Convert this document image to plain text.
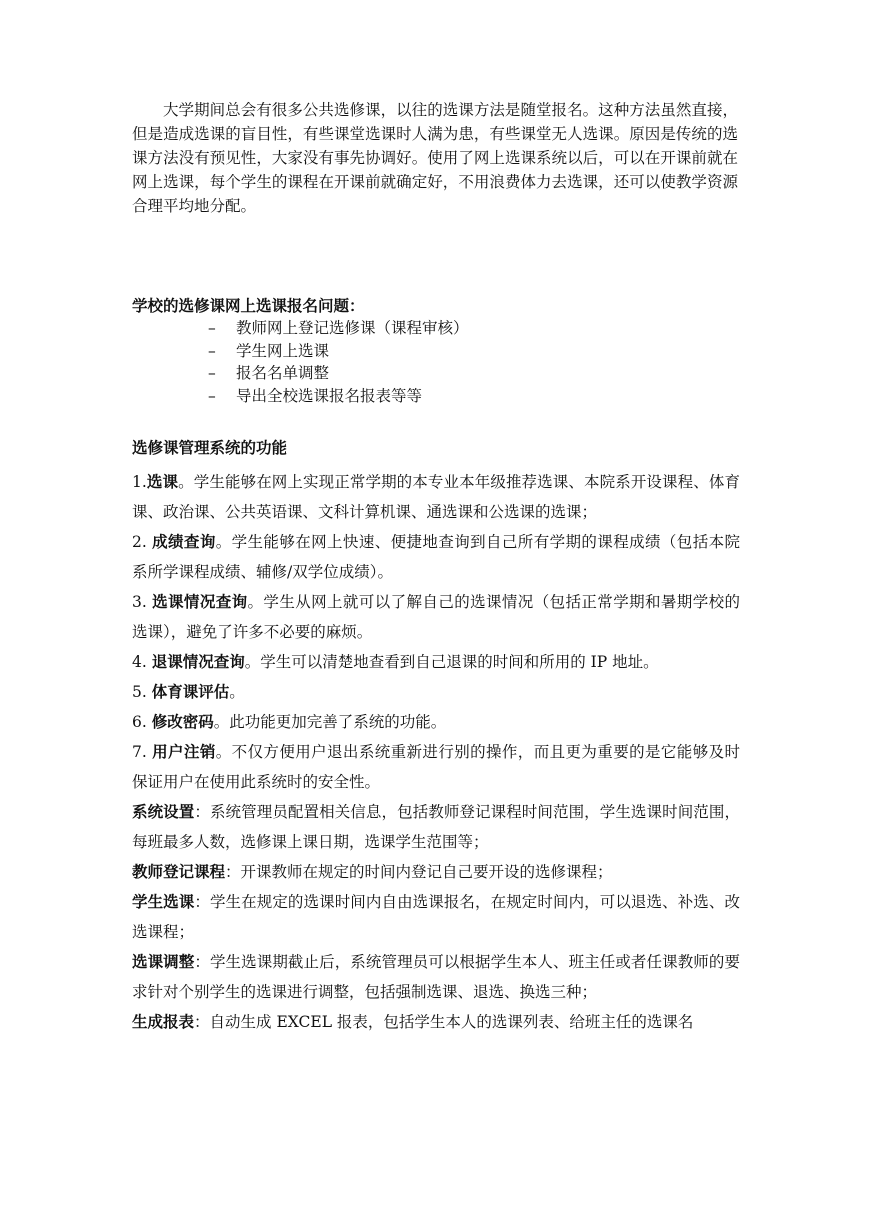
大学期间总会有很多公共选修课，以往的选课方法是随堂报名。这种方法虽然直接，但是造成选课的盲目性，有些课堂选课时人满为患，有些课堂无人选课。原因是传统的选课方法没有预见性，大家没有事先协调好。使用了网上选课系统以后，可以在开课前就在网上选课，每个学生的课程在开课前就确定好，不用浪费体力去选课，还可以使教学资源合理平均地分配。

学校的选修课网上选课报名问题：

– 教师网上登记选修课（课程审核）
– 学生网上选课
– 报名名单调整
– 导出全校选课报名报表等等

选修课管理系统的功能

1.选课。学生能够在网上实现正常学期的本专业本年级推荐选课、本院系开设课程、体育课、政治课、公共英语课、文科计算机课、通选课和公选课的选课；
2. 成绩查询。学生能够在网上快速、便捷地查询到自己所有学期的课程成绩（包括本院系所学课程成绩、辅修/双学位成绩）。
3. 选课情况查询。学生从网上就可以了解自己的选课情况（包括正常学期和暑期学校的选课），避免了许多不必要的麻烦。
4. 退课情况查询。学生可以清楚地查看到自己退课的时间和所用的 IP 地址。
5. 体育课评估。
6. 修改密码。此功能更加完善了系统的功能。
7. 用户注销。不仅方便用户退出系统重新进行别的操作，而且更为重要的是它能够及时保证用户在使用此系统时的安全性。
系统设置：系统管理员配置相关信息，包括教师登记课程时间范围，学生选课时间范围，每班最多人数，选修课上课日期，选课学生范围等；
教师登记课程：开课教师在规定的时间内登记自己要开设的选修课程；
学生选课：学生在规定的选课时间内自由选课报名，在规定时间内，可以退选、补选、改选课程；
选课调整：学生选课期截止后，系统管理员可以根据学生本人、班主任或者任课教师的要求针对个别学生的选课进行调整，包括强制选课、退选、换选三种；
生成报表：自动生成 EXCEL 报表，包括学生本人的选课列表、给班主任的选课名
